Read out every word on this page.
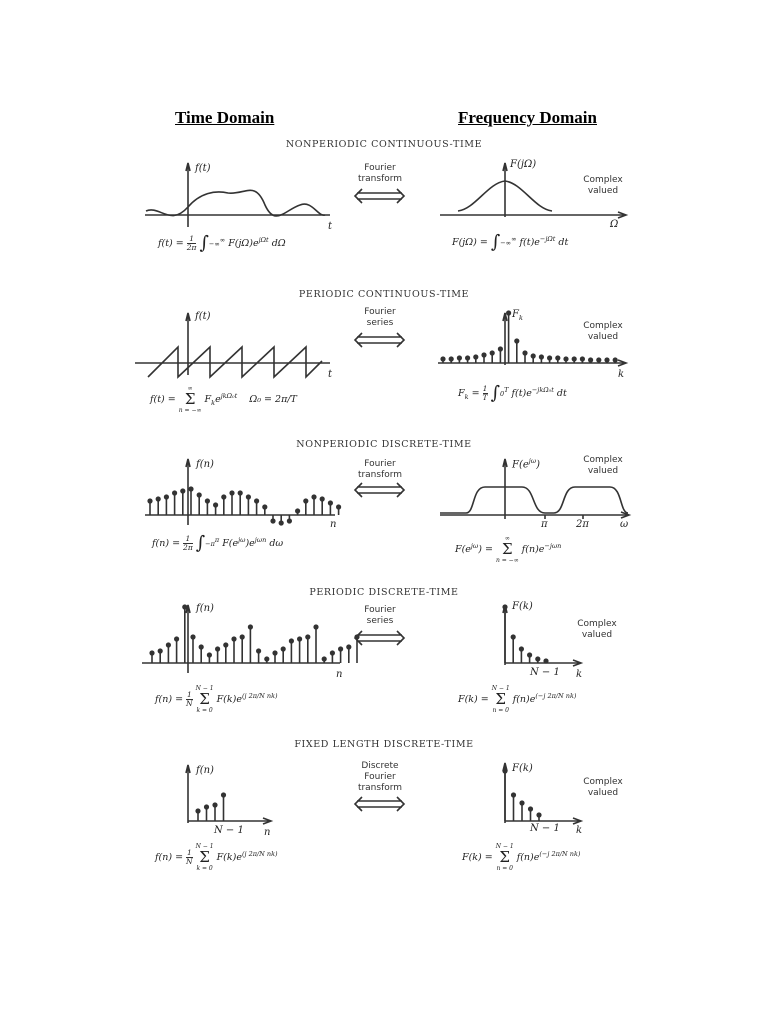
Time Domain	Frequency Domain
NONPERIODIC CONTINUOUS-TIME
f(t)
t
F(jΩ)
Ω
Complex
valued
Fourier
transform
$f(t) = \frac{1}{2\pi} \int-\infty^\infty$ $F(j\Omega)e^{j\Omega t}$ dΩ	F(jΩ) = ∫−∞∞ $f(t)e^{-j\Omega t}$ dt
PERIODIC CONTINUOUS-TIME
f(t)
t
$F_k$
k
Complex
valued
Fourier
series
f(t) = ∞
Σ
n = −∞ $F_ke^{jk\Omega_0t}$ Ω₀ = 2π/T
$F_k = \frac{1}{T} \int 0^T$ $f(t)e^{-jk\Omega_0t}$ dt
NONPERIODIC DISCRETE-TIME
f(n)
n
$F(e^{j\omega})$
π	2π	ω
Complex
valued
Fourier
transform
$f(n) = \frac{1}{2\pi} \int-\pi^\pi$ $F(e^{j\omega})e^{j\omega n}$ dω
$F(e^{j\omega})$ = ∞
Σ
n = −∞ $f(n)e^{-j\omega n}$
PERIODIC DISCRETE-TIME
f(n)
n
F(k)
N − 1 k
Complex
valued
Fourier
series
$f(n) = \frac{1}{N}$
N − 1
Σ
k = 0 $F(k)e^{(j 2\pi/N nk)}$	F(k) = N − 1
Σ
n = 0 $f(n)e^{(-j 2\pi/N nk)}$
FIXED LENGTH DISCRETE-TIME
f(n)
N − 1 n
F(k)
N − 1 k
Complex
valued
Discrete
Fourier
transform
$f(n) = \frac{1}{N}$
N − 1
Σ
k = 0 $F(k)e^{(j 2\pi/N nk)}$	F(k) = N − 1
Σ
n = 0 $f(n)e^{(-j 2\pi/N nk)}$
